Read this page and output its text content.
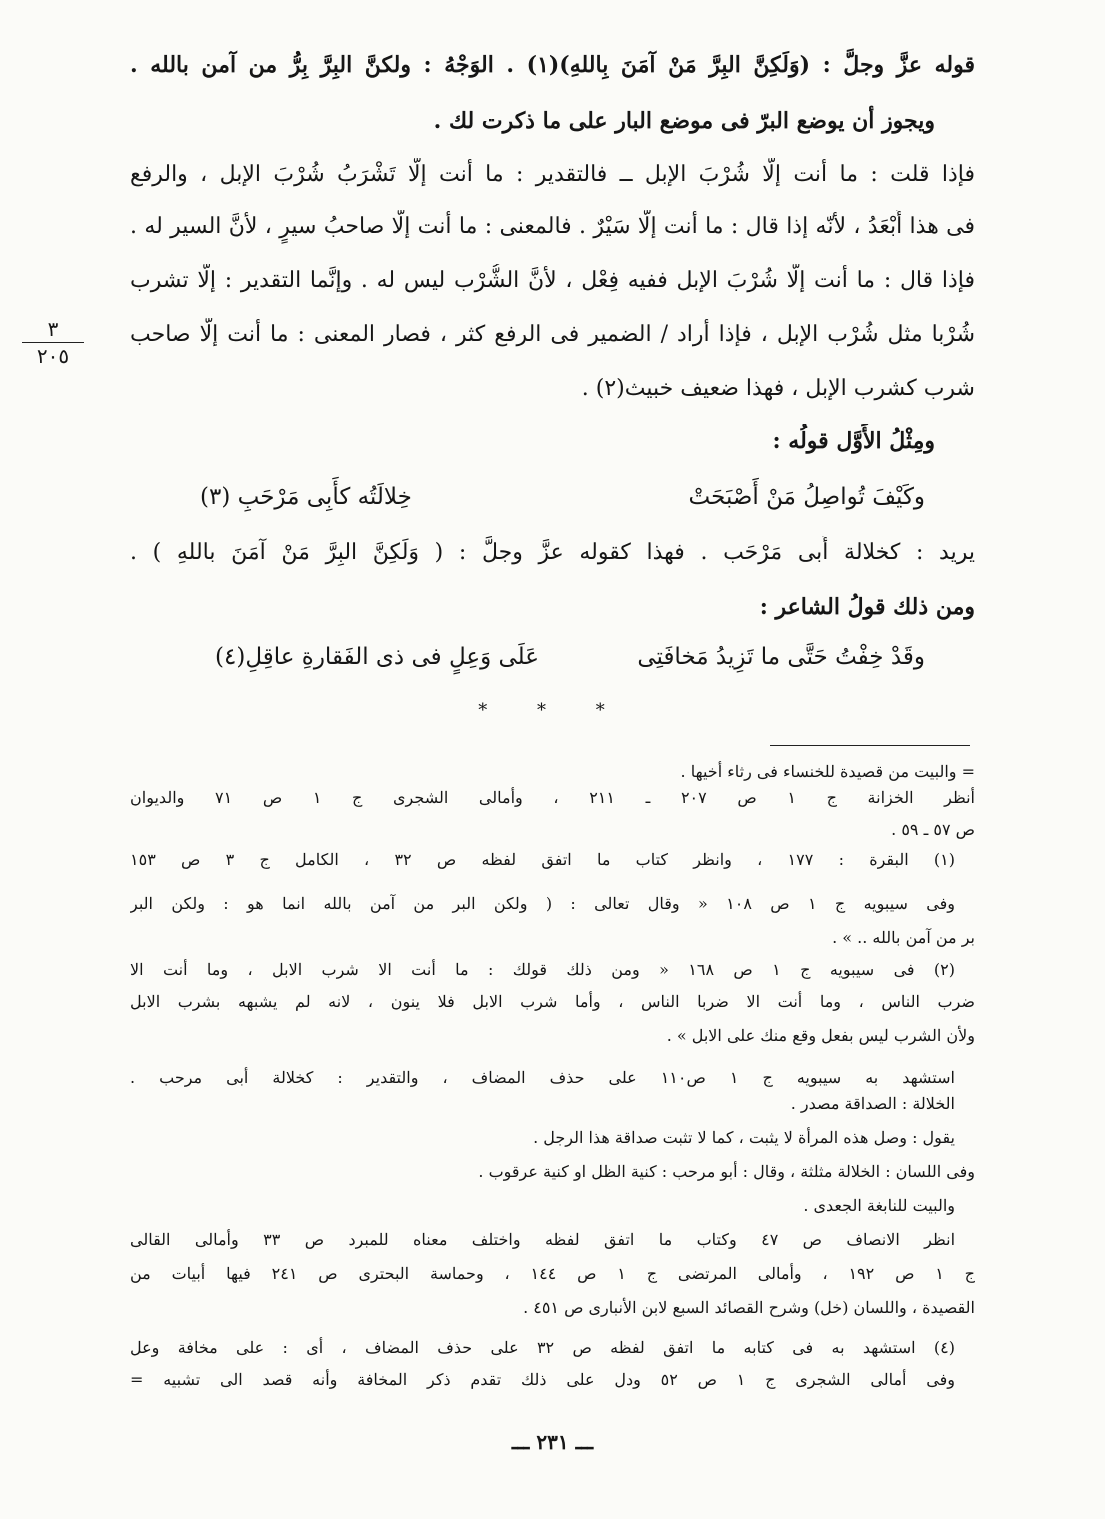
قوله عزَّ وجلَّ : (وَلَكِنَّ البِرَّ مَنْ آمَنَ بِاللهِ)(١) . الوَجْهُ : ولكنَّ البِرَّ بِرُّ من آمن بالله .
ويجوز أن يوضع البرّ فى موضع البار على ما ذكرت لك .
فإذا قلت : ما أنت إلَّا شُرْبَ الإبل ــ فالتقدير : ما أنت إلَّا تَشْرَبُ شُرْبَ الإبل ، والرفع
فى هذا أَبْعَدُ ، لأنّه إذا قال : ما أنت إلَّا سَيْرٌ . فالمعنى : ما أنت إلَّا صاحبُ سيرٍ ، لأنَّ السير له .
فإذا قال : ما أنت إلَّا شُرْبَ الإبل ففيه فِعْل ، لأنَّ الشُّرْب ليس له . وإنَّما التقدير : إلَّا تشرب
شُرْبا مثل شُرْب الإبل ، فإذا أراد / الضمير فى الرفع كثر ، فصار المعنى : ما أنت إلَّا صاحب
شرب كشرب الإبل ، فهذا ضعيف خبيث(٢) .
ومِثْلُ الأَوَّل قولُه :
وكَيْفَ تُواصِلُ مَنْ أَصْبَحَتْ
خِلالَتُه كأَبِى مَرْحَبِ (٣)
يريد : كخلالة أَبى مَرْحَب . فهذا كقوله عزَّ وجلَّ : ( وَلَكِنَّ البِرَّ مَنْ آمَنَ باللهِ ) .
ومن ذلك قولُ الشاعر :
وقَدْ خِفْتُ حَتَّى ما تَزِيدُ مَخافَتِى
عَلَى وَعِلٍ فى ذى الفَقارةِ عاقِلِ(٤)
* * *
٣
٢٠٥
= والبيت من قصيدة للخنساء فى رثاء أخيها .
أنظر الخزانة ج ١ ص ٢٠٧ ـ ٢١١ ، وأمالى الشجرى ج ١ ص ٧١ والديوان
ص ٥٧ ـ ٥٩ .
(١) البقرة : ١٧٧ ، وانظر كتاب ما اتفق لفظه ص ٣٢ ، الكامل ج ٣ ص ١٥٣
وفى سيبويه ج ١ ص ١٠٨ « وقال تعالى : ( ولكن البر من آمن بالله انما هو : ولكن البر
بر من آمن بالله .. » .
(٢) فى سيبويه ج ١ ص ١٦٨ « ومن ذلك قولك : ما أنت الا شرب الابل ، وما أنت الا
ضرب الناس ، وما أنت الا ضربا الناس ، وأما شرب الابل فلا ينون ، لانه لم يشبهه بشرب الابل
ولأن الشرب ليس بفعل وقع منك على الابل » .
استشهد به سيبويه ج ١ ص١١٠ على حذف المضاف ، والتقدير : كخلالة أبى مرحب .
الخلالة : الصداقة مصدر .
يقول : وصل هذه المرأة لا يثبت ، كما لا تثبت صداقة هذا الرجل .
وفى اللسان : الخلالة مثلثة ، وقال : أبو مرحب : كنية الظل او كنية عرقوب .
والبيت للنابغة الجعدى .
انظر الانصاف ص ٤٧ وكتاب ما اتفق لفظه واختلف معناه للمبرد ص ٣٣ وأمالى القالى
ج ١ ص ١٩٢ ، وأمالى المرتضى ج ١ ص ١٤٤ ، وحماسة البحترى ص ٢٤١ فيها أبيات من
القصيدة ، واللسان (خل) وشرح القصائد السبع لابن الأنبارى ص ٤٥١ .
(٤) استشهد به فى كتابه ما اتفق لفظه ص ٣٢ على حذف المضاف ، أى : على مخافة وعل
وفى أمالى الشجرى ج ١ ص ٥٢ ودل على ذلك تقدم ذكر المخافة وأنه قصد الى تشبيه =
ـــ ٢٣١ ـــ
